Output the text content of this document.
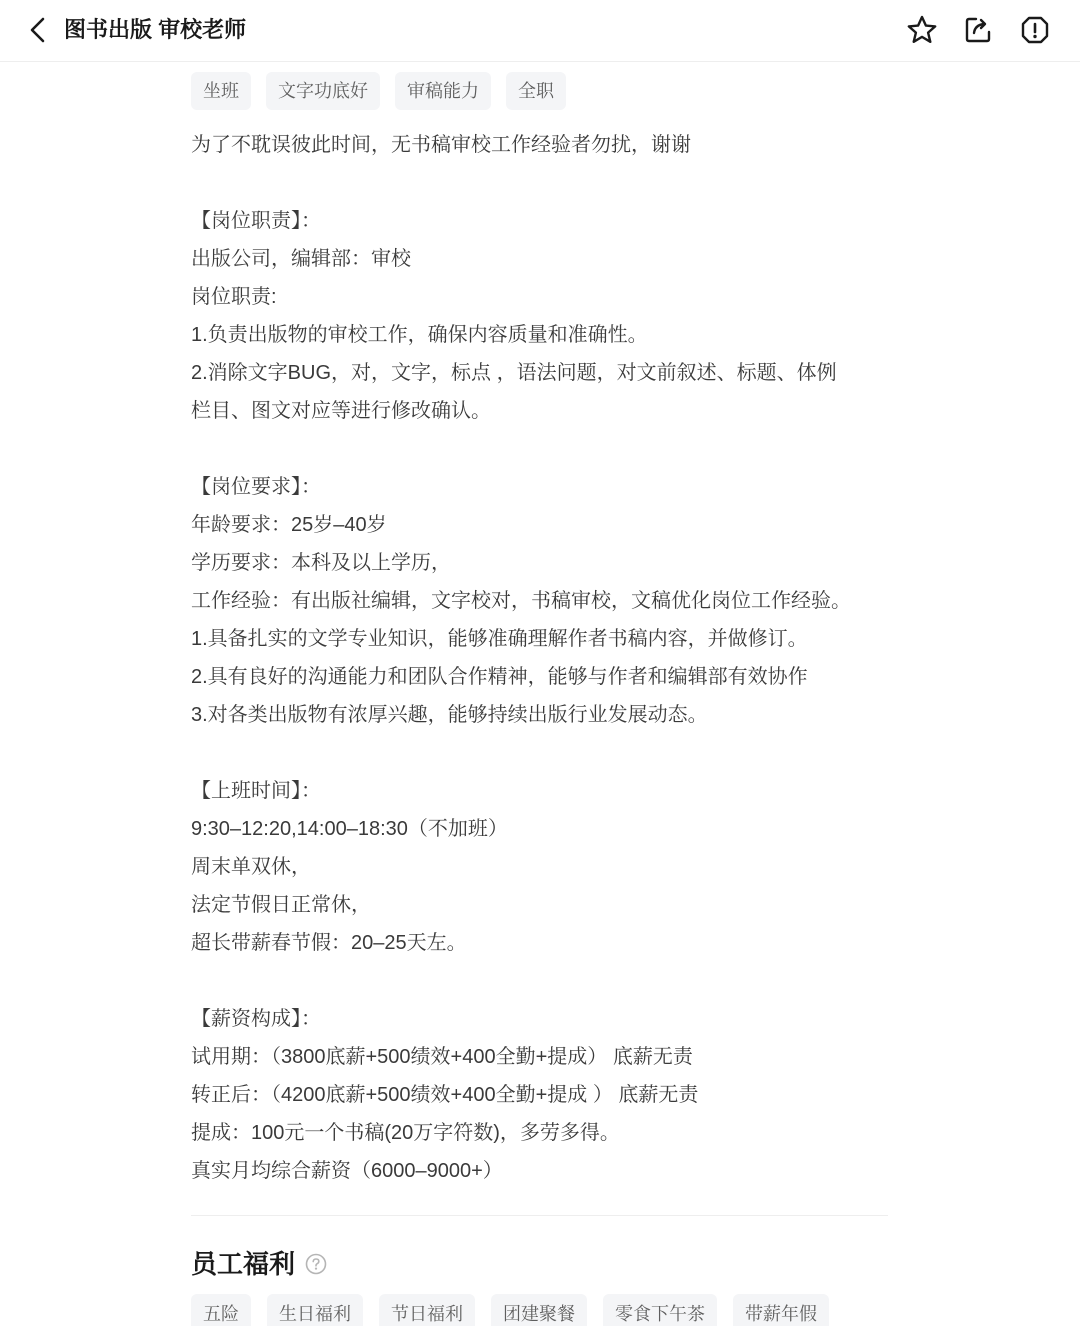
图书出版 审校老师
坐班	文字功底好	审稿能力	全职
为了不耽误彼此时间，无书稿审校工作经验者勿扰，谢谢
【岗位职责】：
出版公司，编辑部：审校
岗位职责:
1.负责出版物的审校工作，确保内容质量和准确性。
2.消除文字BUG，对，文字，标点 ，语法问题，对文前叙述、标题、体例
栏目、图文对应等进行修改确认。
【岗位要求】：
年龄要求：25岁–40岁
学历要求：本科及以上学历，
工作经验：有出版社编辑，文字校对，书稿审校，文稿优化岗位工作经验。
1.具备扎实的文学专业知识，能够准确理解作者书稿内容，并做修订。
2.具有良好的沟通能力和团队合作精神，能够与作者和编辑部有效协作
3.对各类出版物有浓厚兴趣，能够持续出版行业发展动态。
【上班时间】：
9:30–12:20,14:00–18:30（不加班）
周末单双休，
法定节假日正常休，
超长带薪春节假：20–25天左。
【薪资构成】：
试用期：（3800底薪+500绩效+400全勤+提成） 底薪无责
转正后：（4200底薪+500绩效+400全勤+提成 ） 底薪无责
提成：100元一个书稿(20万字符数)，多劳多得。
真实月均综合薪资（6000–9000+）
员工福利
五险	生日福利	节日福利	团建聚餐	零食下午茶	带薪年假
